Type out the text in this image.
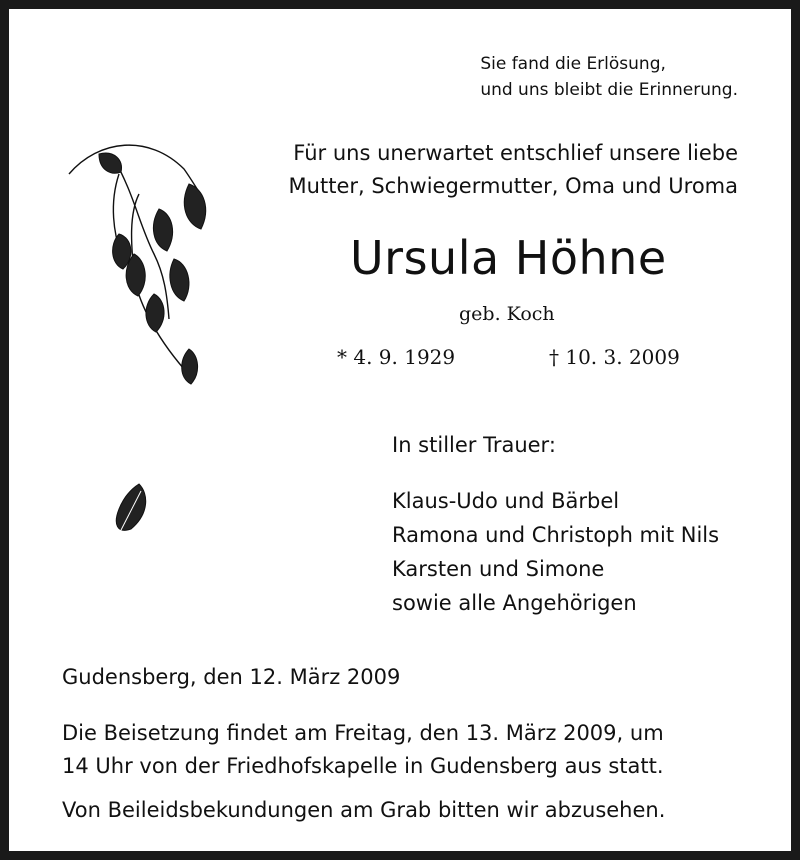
Sie fand die Erlösung,
und uns bleibt die Erinnerung.
Für uns unerwartet entschlief unsere liebe
Mutter, Schwiegermutter, Oma und Uroma
Ursula Höhne
geb. Koch
* 4. 9. 1929	† 10. 3. 2009
In stiller Trauer:
Klaus-Udo und Bärbel
Ramona und Christoph mit Nils
Karsten und Simone
sowie alle Angehörigen
Gudensberg, den 12. März 2009
Die Beisetzung findet am Freitag, den 13. März 2009, um
14 Uhr von der Friedhofskapelle in Gudensberg aus statt.
Von Beileidsbekundungen am Grab bitten wir abzusehen.
